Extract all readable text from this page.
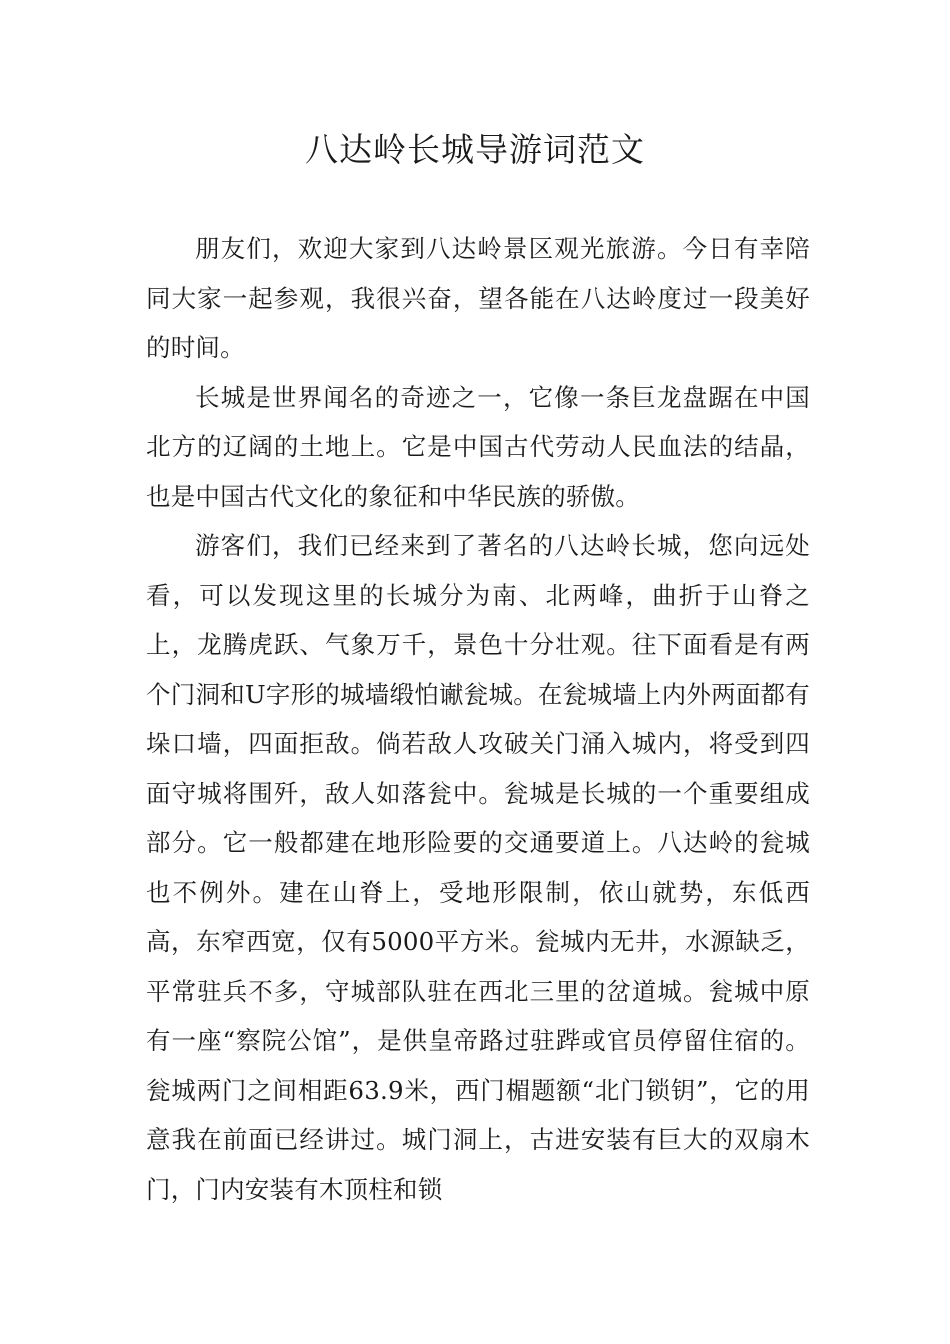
八达岭长城导游词范文

朋友们，欢迎大家到八达岭景区观光旅游。今日有幸陪同大家一起参观，我很兴奋，望各能在八达岭度过一段美好的时间。

长城是世界闻名的奇迹之一，它像一条巨龙盘踞在中国北方的辽阔的土地上。它是中国古代劳动人民血法的结晶，也是中国古代文化的象征和中华民族的骄傲。

游客们，我们已经来到了著名的八达岭长城，您向远处看，可以发现这里的长城分为南、北两峰，曲折于山脊之上，龙腾虎跃、气象万千，景色十分壮观。往下面看是有两个门洞和U字形的城墙缎怕谳瓮城。在瓮城墙上内外两面都有垛口墙，四面拒敌。倘若敌人攻破关门涌入城内，将受到四面守城将围歼，敌人如落瓮中。瓮城是长城的一个重要组成部分。它一般都建在地形险要的交通要道上。八达岭的瓮城也不例外。建在山脊上，受地形限制，依山就势，东低西高，东窄西宽，仅有5000平方米。瓮城内无井，水源缺乏，平常驻兵不多，守城部队驻在西北三里的岔道城。瓮城中原有一座“察院公馆”，是供皇帝路过驻跸或官员停留住宿的。瓮城两门之间相距63.9米，西门楣题额“北门锁钥”，它的用意我在前面已经讲过。城门洞上，古进安装有巨大的双扇木门，门内安装有木顶柱和锁
